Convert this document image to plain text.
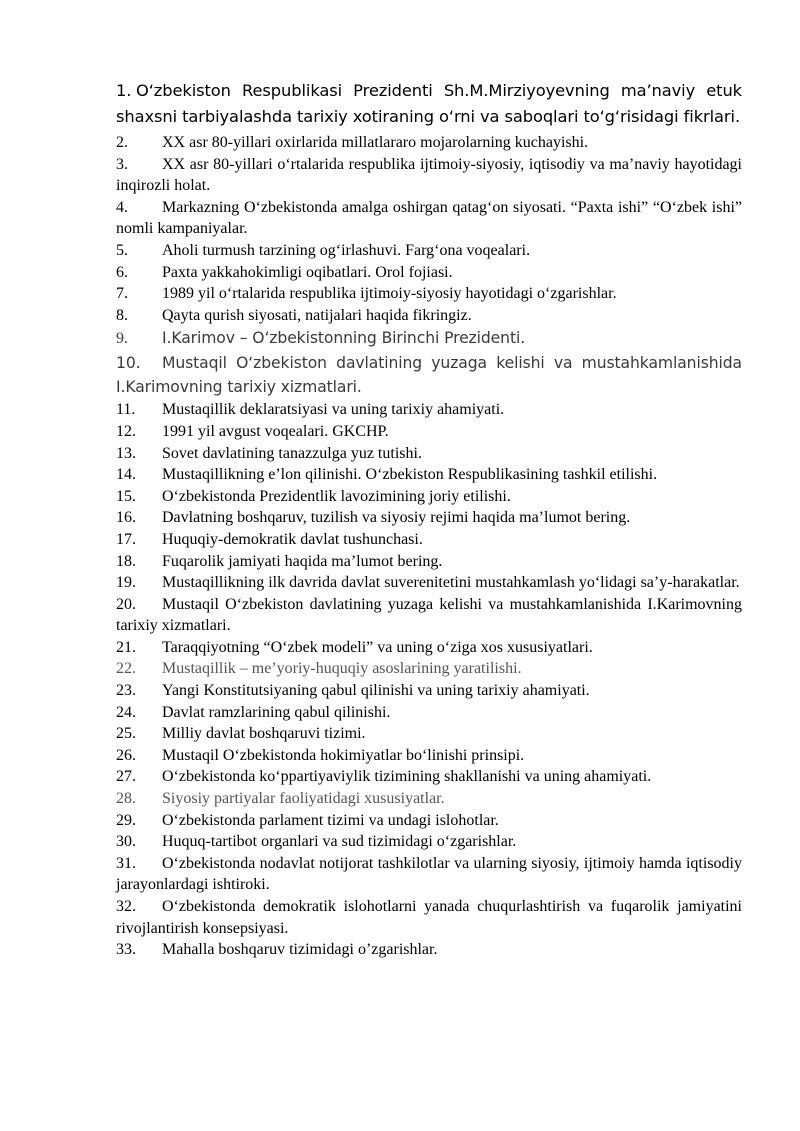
1. O‘zbekiston Respublikasi Prezidenti Sh.M.Mirziyoyevning ma’naviy etuk shaxsni tarbiyalashda tarixiy xotiraning o‘rni va saboqlari to‘g‘risidagi fikrlari.
2. XX asr 80-yillari oxirlarida millatlararo mojarolarning kuchayishi.
3. XX asr 80-yillari o‘rtalarida respublika ijtimoiy-siyosiy, iqtisodiy va ma’naviy hayotidagi inqirozli holat.
4. Markazning O‘zbekistonda amalga oshirgan qatag‘on siyosati. “Paxta ishi” “O‘zbek ishi” nomli kampaniyalar.
5. Aholi turmush tarzining og‘irlashuvi. Farg‘ona voqealari.
6. Paxta yakkahokimligi oqibatlari. Orol fojiasi.
7. 1989 yil o‘rtalarida respublika ijtimoiy-siyosiy hayotidagi o‘zgarishlar.
8. Qayta qurish siyosati, natijalari haqida fikringiz.
9. I.Karimov – O‘zbekistonning Birinchi Prezidenti.
10. Mustaqil O‘zbekiston davlatining yuzaga kelishi va mustahkamlanishida I.Karimovning tarixiy xizmatlari.
11. Mustaqillik deklaratsiyasi va uning tarixiy ahamiyati.
12. 1991 yil avgust voqealari. GKCHP.
13. Sovet davlatining tanazzulga yuz tutishi.
14. Mustaqillikning e’lon qilinishi. O‘zbekiston Respublikasining tashkil etilishi.
15. O‘zbekistonda Prezidentlik lavozimining joriy etilishi.
16. Davlatning boshqaruv, tuzilish va siyosiy rejimi haqida ma’lumot bering.
17. Huquqiy-demokratik davlat tushunchasi.
18. Fuqarolik jamiyati haqida ma’lumot bering.
19. Mustaqillikning ilk davrida davlat suverenitetini mustahkamlash yo‘lidagi sa’y-harakatlar.
20. Mustaqil O‘zbekiston davlatining yuzaga kelishi va mustahkamlanishida I.Karimovning tarixiy xizmatlari.
21. Taraqqiyotning “O‘zbek modeli” va uning o‘ziga xos xususiyatlari.
22. Mustaqillik – me’yoriy-huquqiy asoslarining yaratilishi.
23. Yangi Konstitutsiyaning qabul qilinishi va uning tarixiy ahamiyati.
24. Davlat ramzlarining qabul qilinishi.
25. Milliy davlat boshqaruvi tizimi.
26. Mustaqil O‘zbekistonda hokimiyatlar bo‘linishi prinsipi.
27. O‘zbekistonda ko‘ppartiyaviylik tizimining shakllanishi va uning ahamiyati.
28. Siyosiy partiyalar faoliyatidagi xususiyatlar.
29. O‘zbekistonda parlament tizimi va undagi islohotlar.
30. Huquq-tartibot organlari va sud tizimidagi o‘zgarishlar.
31. O‘zbekistonda nodavlat notijorat tashkilotlar va ularning siyosiy, ijtimoiy hamda iqtisodiy jarayonlardagi ishtiroki.
32. O‘zbekistonda demokratik islohotlarni yanada chuqurlashtirish va fuqarolik jamiyatini rivojlantirish konsepsiyasi.
33. Mahalla boshqaruv tizimidagi o’zgarishlar.
